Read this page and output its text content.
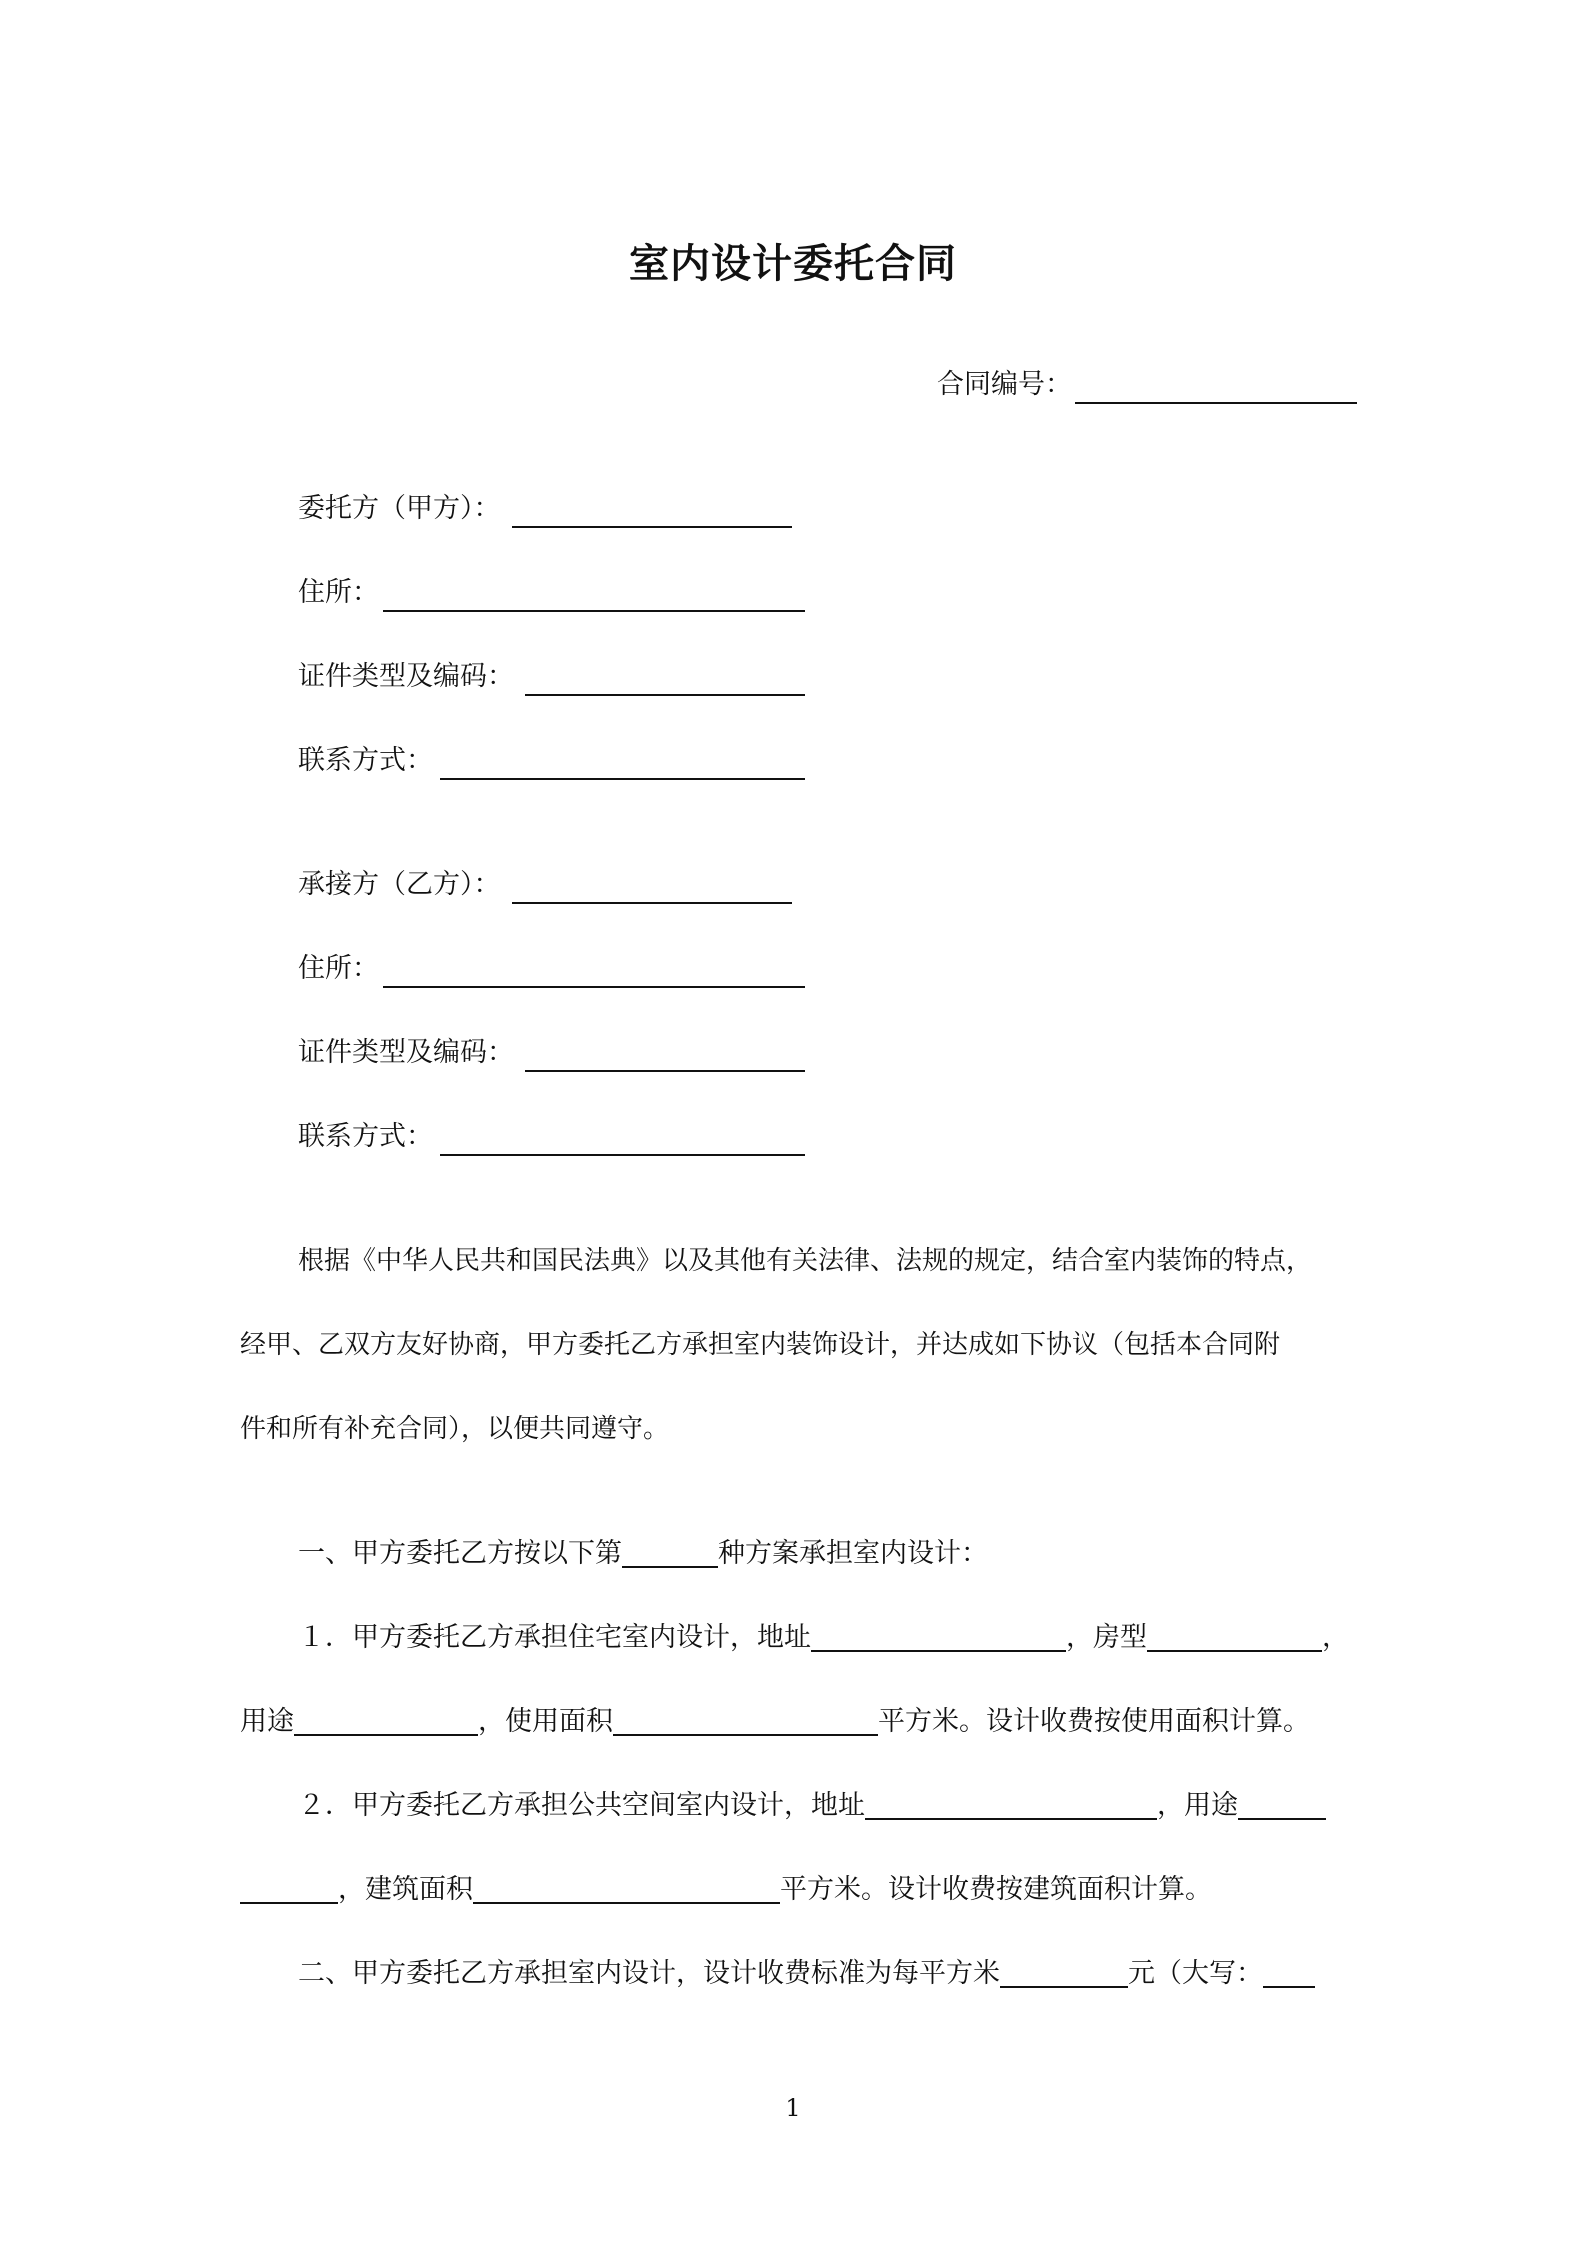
室内设计委托合同
合同编号：
委托方（甲方）：
住所：
证件类型及编码：
联系方式：
承接方（乙方）：
住所：
证件类型及编码：
联系方式：
根据《中华人民共和国民法典》以及其他有关法律、法规的规定，结合室内装饰的特点，
经甲、乙双方友好协商，甲方委托乙方承担室内装饰设计，并达成如下协议（包括本合同附
件和所有补充合同），以便共同遵守。
一、甲方委托乙方按以下第	种方案承担室内设计：
１．甲方委托乙方承担住宅室内设计，地址	，房型	，
用途	，使用面积	平方米。设计收费按使用面积计算。
２．甲方委托乙方承担公共空间室内设计，地址	，用途
，建筑面积	平方米。设计收费按建筑面积计算。
二、甲方委托乙方承担室内设计，设计收费标准为每平方米	元（大写：
1
